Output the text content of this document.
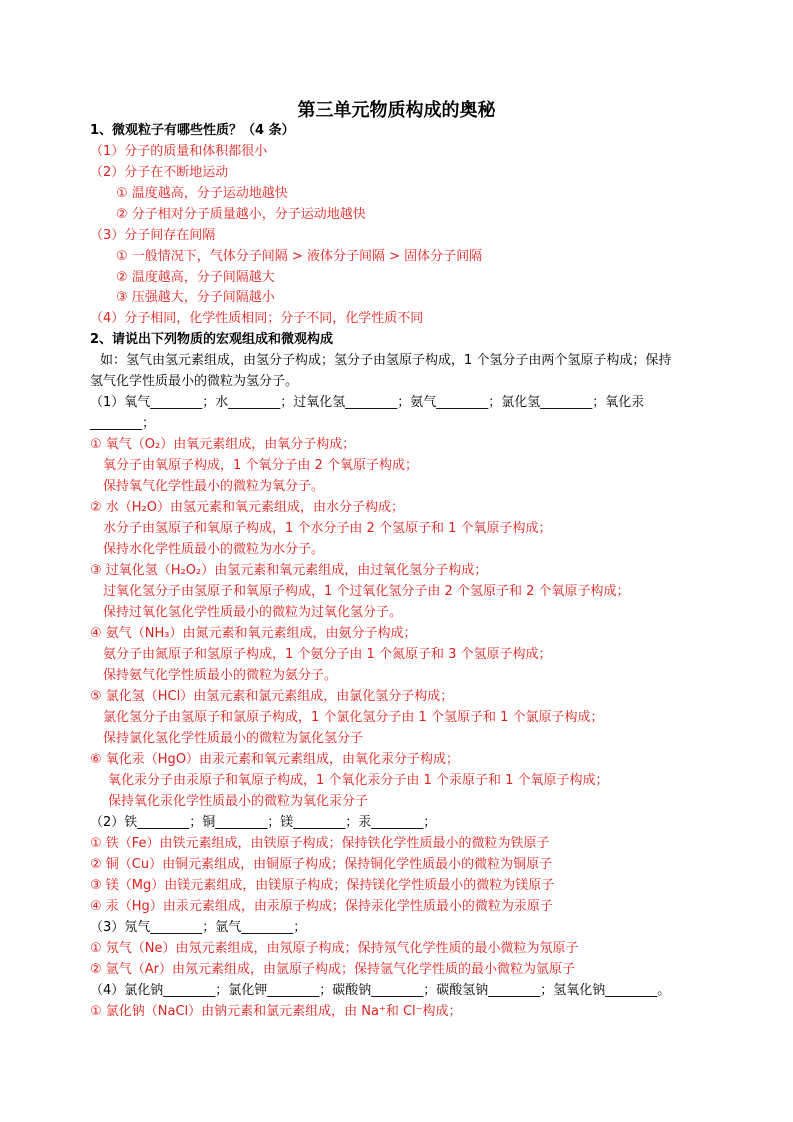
第三单元物质构成的奥秘
1、微观粒子有哪些性质？（4 条）
（1）分子的质量和体积都很小
（2）分子在不断地运动
① 温度越高，分子运动地越快
② 分子相对分子质量越小，分子运动地越快
（3）分子间存在间隔
① 一般情况下，气体分子间隔 > 液体分子间隔 > 固体分子间隔
② 温度越高，分子间隔越大
③ 压强越大，分子间隔越小
（4）分子相同，化学性质相同；分子不同，化学性质不同
2、请说出下列物质的宏观组成和微观构成
如：氢气由氢元素组成，由氢分子构成；氢分子由氢原子构成，1 个氢分子由两个氢原子构成；保持
氢气化学性质最小的微粒为氢分子。
（1）氧气________；水________；过氧化氢________；氨气________；氯化氢________；氧化汞
________；
① 氧气（O₂）由氧元素组成，由氧分子构成；
氧分子由氧原子构成，1 个氧分子由 2 个氧原子构成；
保持氧气化学性最小的微粒为氧分子。
② 水（H₂O）由氢元素和氧元素组成，由水分子构成；
水分子由氢原子和氧原子构成，1 个水分子由 2 个氢原子和 1 个氧原子构成；
保持水化学性质最小的微粒为水分子。
③ 过氧化氢（H₂O₂）由氢元素和氧元素组成，由过氧化氢分子构成；
过氧化氢分子由氢原子和氧原子构成，1 个过氧化氢分子由 2 个氢原子和 2 个氧原子构成；
保持过氧化氢化学性质最小的微粒为过氧化氢分子。
④ 氨气（NH₃）由氮元素和氧元素组成，由氨分子构成；
氨分子由氮原子和氢原子构成，1 个氨分子由 1 个氮原子和 3 个氢原子构成；
保持氨气化学性质最小的微粒为氨分子。
⑤ 氯化氢（HCl）由氢元素和氯元素组成，由氯化氢分子构成；
氯化氢分子由氢原子和氯原子构成，1 个氯化氢分子由 1 个氢原子和 1 个氯原子构成；
保持氯化氢化学性质最小的微粒为氯化氢分子
⑥ 氧化汞（HgO）由汞元素和氧元素组成，由氧化汞分子构成；
氧化汞分子由汞原子和氧原子构成，1 个氧化汞分子由 1 个汞原子和 1 个氧原子构成；
保持氧化汞化学性质最小的微粒为氧化汞分子
（2）铁________；铜________；镁________；汞________；
① 铁（Fe）由铁元素组成，由铁原子构成；保持铁化学性质最小的微粒为铁原子
② 铜（Cu）由铜元素组成，由铜原子构成；保持铜化学性质最小的微粒为铜原子
③ 镁（Mg）由镁元素组成，由镁原子构成；保持镁化学性质最小的微粒为镁原子
④ 汞（Hg）由汞元素组成，由汞原子构成；保持汞化学性质最小的微粒为汞原子
（3）氖气________；氩气________；
① 氖气（Ne）由氖元素组成，由氖原子构成；保持氖气化学性质的最小微粒为氖原子
② 氩气（Ar）由氖元素组成，由氩原子构成；保持氩气化学性质的最小微粒为氩原子
（4）氯化钠________；氯化钾________；碳酸钠________；碳酸氢钠________；氢氧化钠________。
① 氯化钠（NaCl）由钠元素和氯元素组成，由 Na⁺和 Cl⁻构成；
